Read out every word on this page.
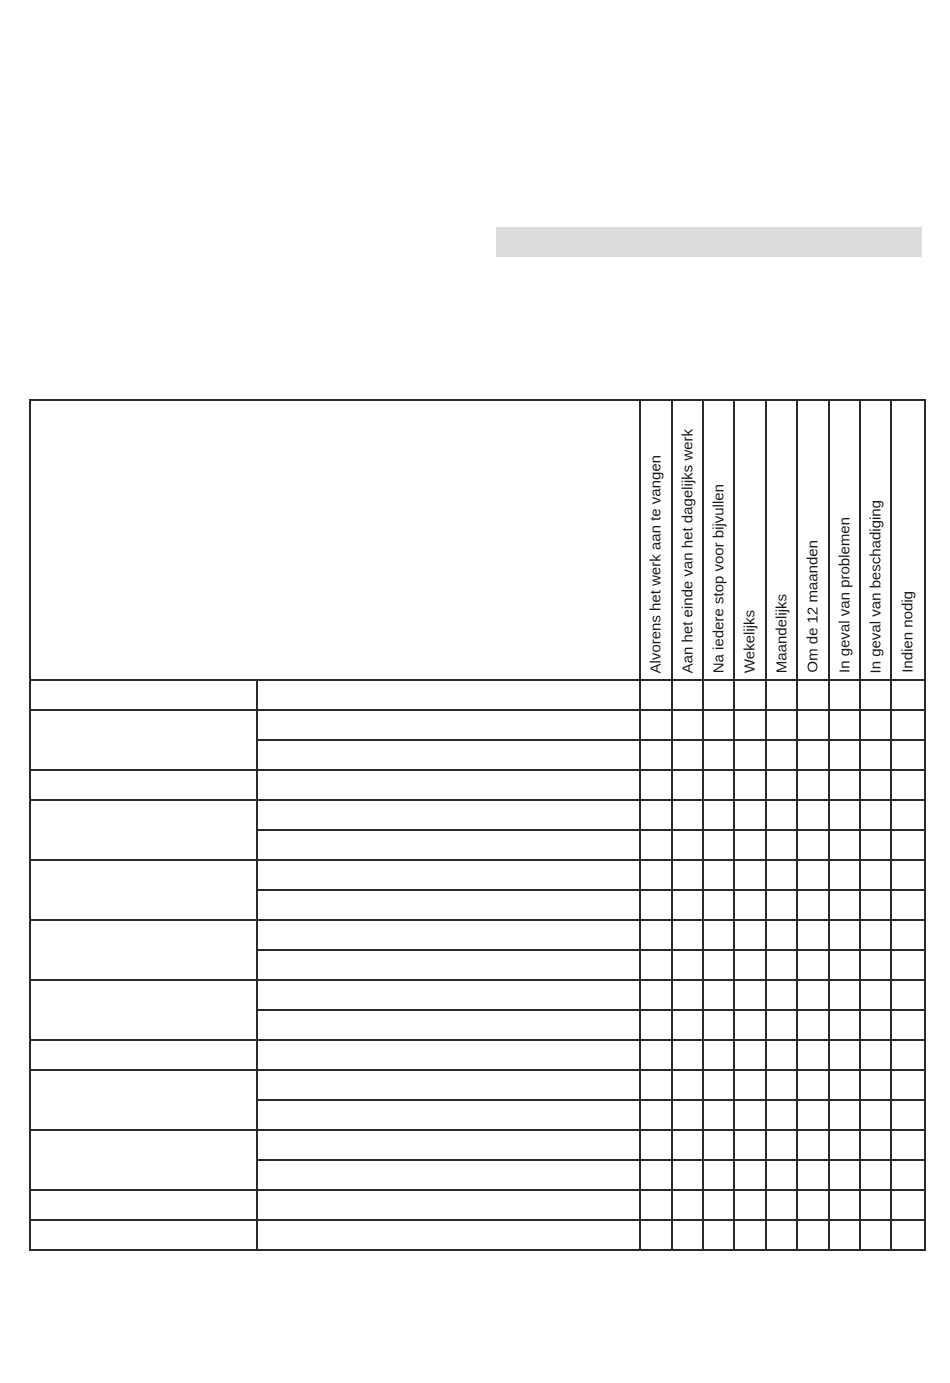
		Alvorens het werk aan te vangen	Aan het einde van het dagelijks werk	Na iedere stop voor bijvullen	Wekelijks	Maandelijks	Om de 12 maanden	In geval van problemen	In geval van beschadiging	Indien nodig
